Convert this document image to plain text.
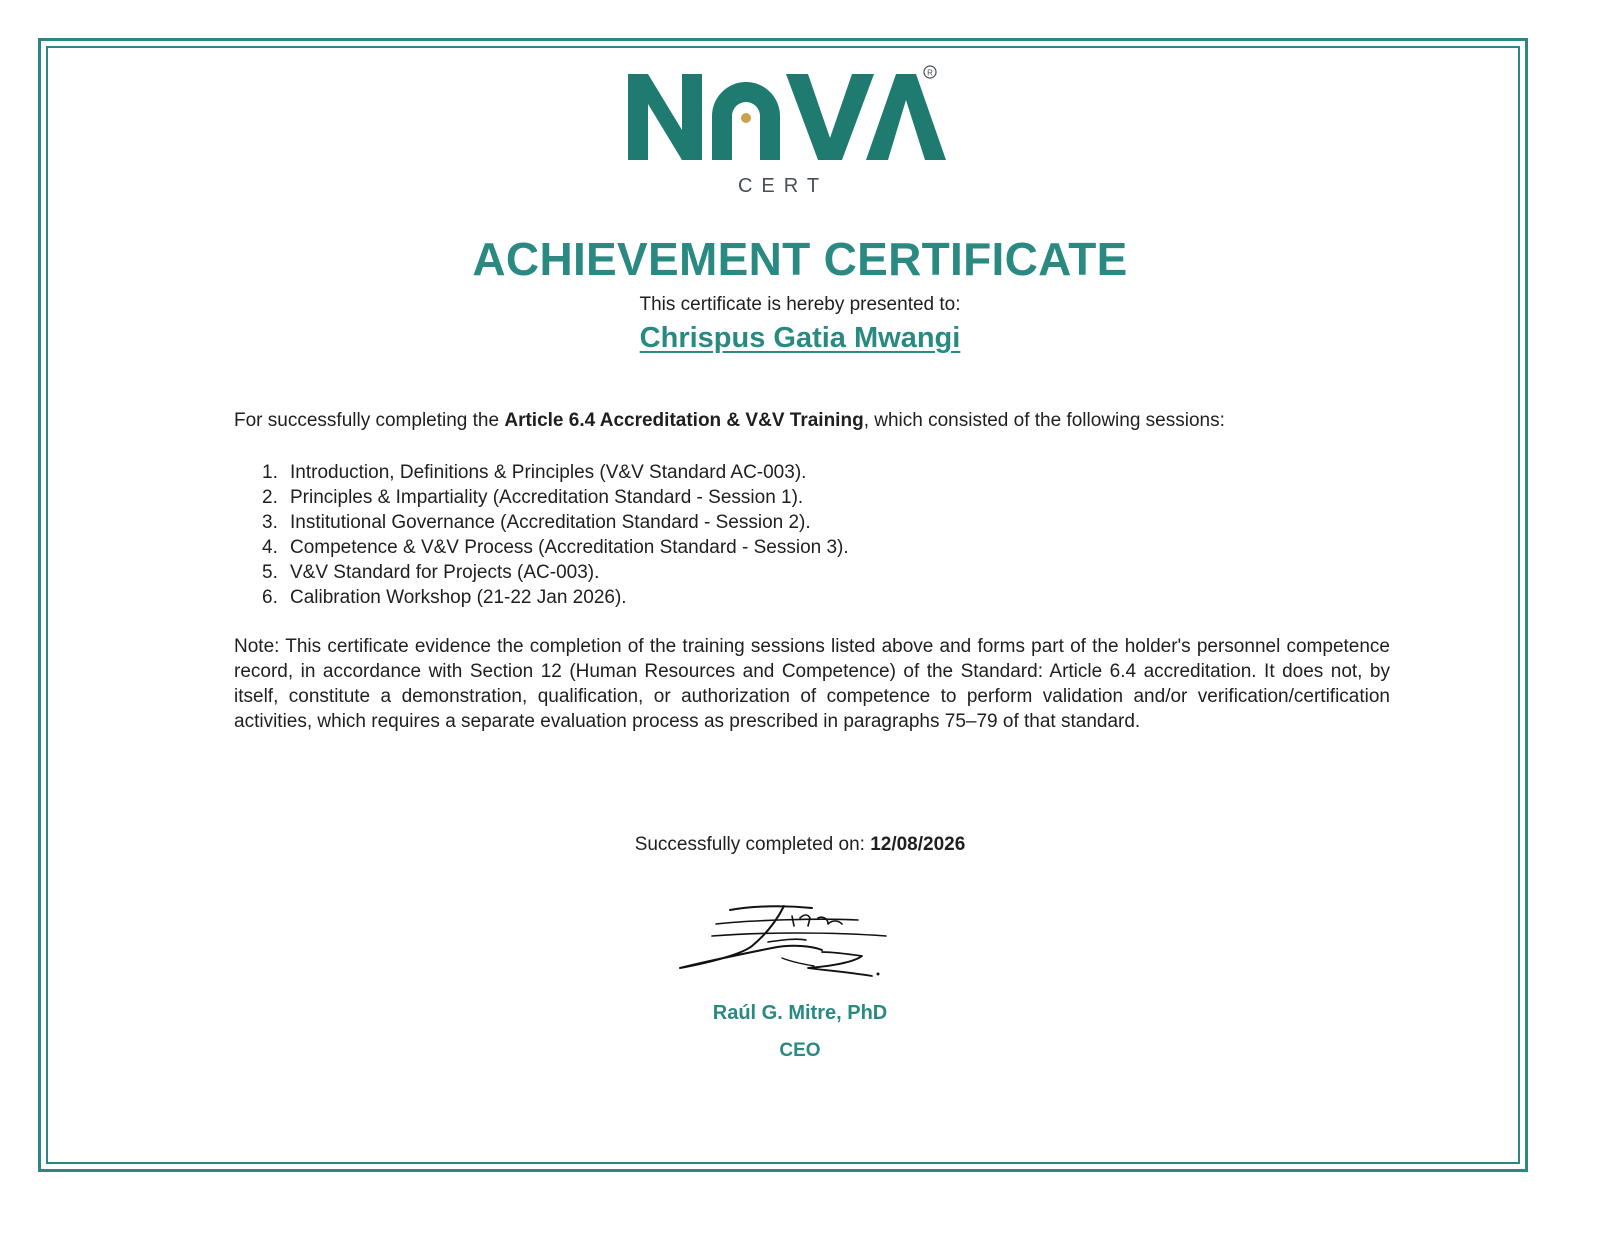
R
CERT
ACHIEVEMENT CERTIFICATE
This certificate is hereby presented to:
Chrispus Gatia Mwangi
For successfully completing the Article 6.4 Accreditation & V&V Training, which consisted of the following sessions:
1. Introduction, Definitions & Principles (V&V Standard AC-003).
2. Principles & Impartiality (Accreditation Standard - Session 1).
3. Institutional Governance (Accreditation Standard - Session 2).
4. Competence & V&V Process (Accreditation Standard - Session 3).
5. V&V Standard for Projects (AC-003).
6. Calibration Workshop (21-22 Jan 2026).
Note: This certificate evidence the completion of the training sessions listed above and forms part of the holder's personnel competence record, in accordance with Section 12 (Human Resources and Competence) of the Standard: Article 6.4 accreditation. It does not, by itself, constitute a demonstration, qualification, or authorization of competence to perform validation and/or verification/certification activities, which requires a separate evaluation process as prescribed in paragraphs 75–79 of that standard.
Successfully completed on: 12/08/2026
Raúl G. Mitre, PhD
CEO
